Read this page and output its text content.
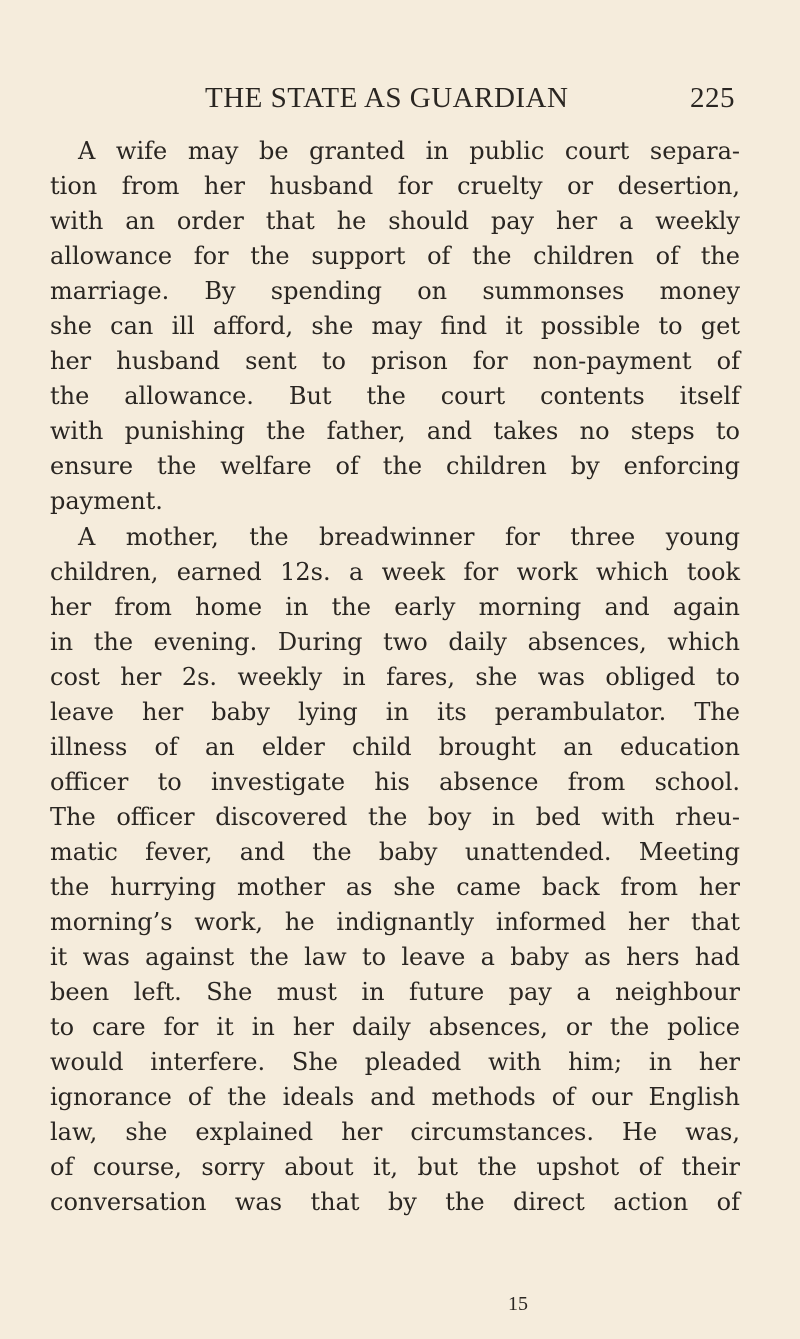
THE STATE AS GUARDIAN	225
A wife may be granted in public court separa-
tion from her husband for cruelty or desertion,
with an order that he should pay her a weekly
allowance for the support of the children of the
marriage. By spending on summonses money
she can ill afford, she may find it possible to get
her husband sent to prison for non-payment of
the allowance. But the court contents itself
with punishing the father, and takes no steps to
ensure the welfare of the children by enforcing
payment.
A mother, the breadwinner for three young
children, earned 12s. a week for work which took
her from home in the early morning and again
in the evening. During two daily absences, which
cost her 2s. weekly in fares, she was obliged to
leave her baby lying in its perambulator. The
illness of an elder child brought an education
officer to investigate his absence from school.
The officer discovered the boy in bed with rheu-
matic fever, and the baby unattended. Meeting
the hurrying mother as she came back from her
morning’s work, he indignantly informed her that
it was against the law to leave a baby as hers had
been left. She must in future pay a neighbour
to care for it in her daily absences, or the police
would interfere. She pleaded with him; in her
ignorance of the ideals and methods of our English
law, she explained her circumstances. He was,
of course, sorry about it, but the upshot of their
conversation was that by the direct action of
15
